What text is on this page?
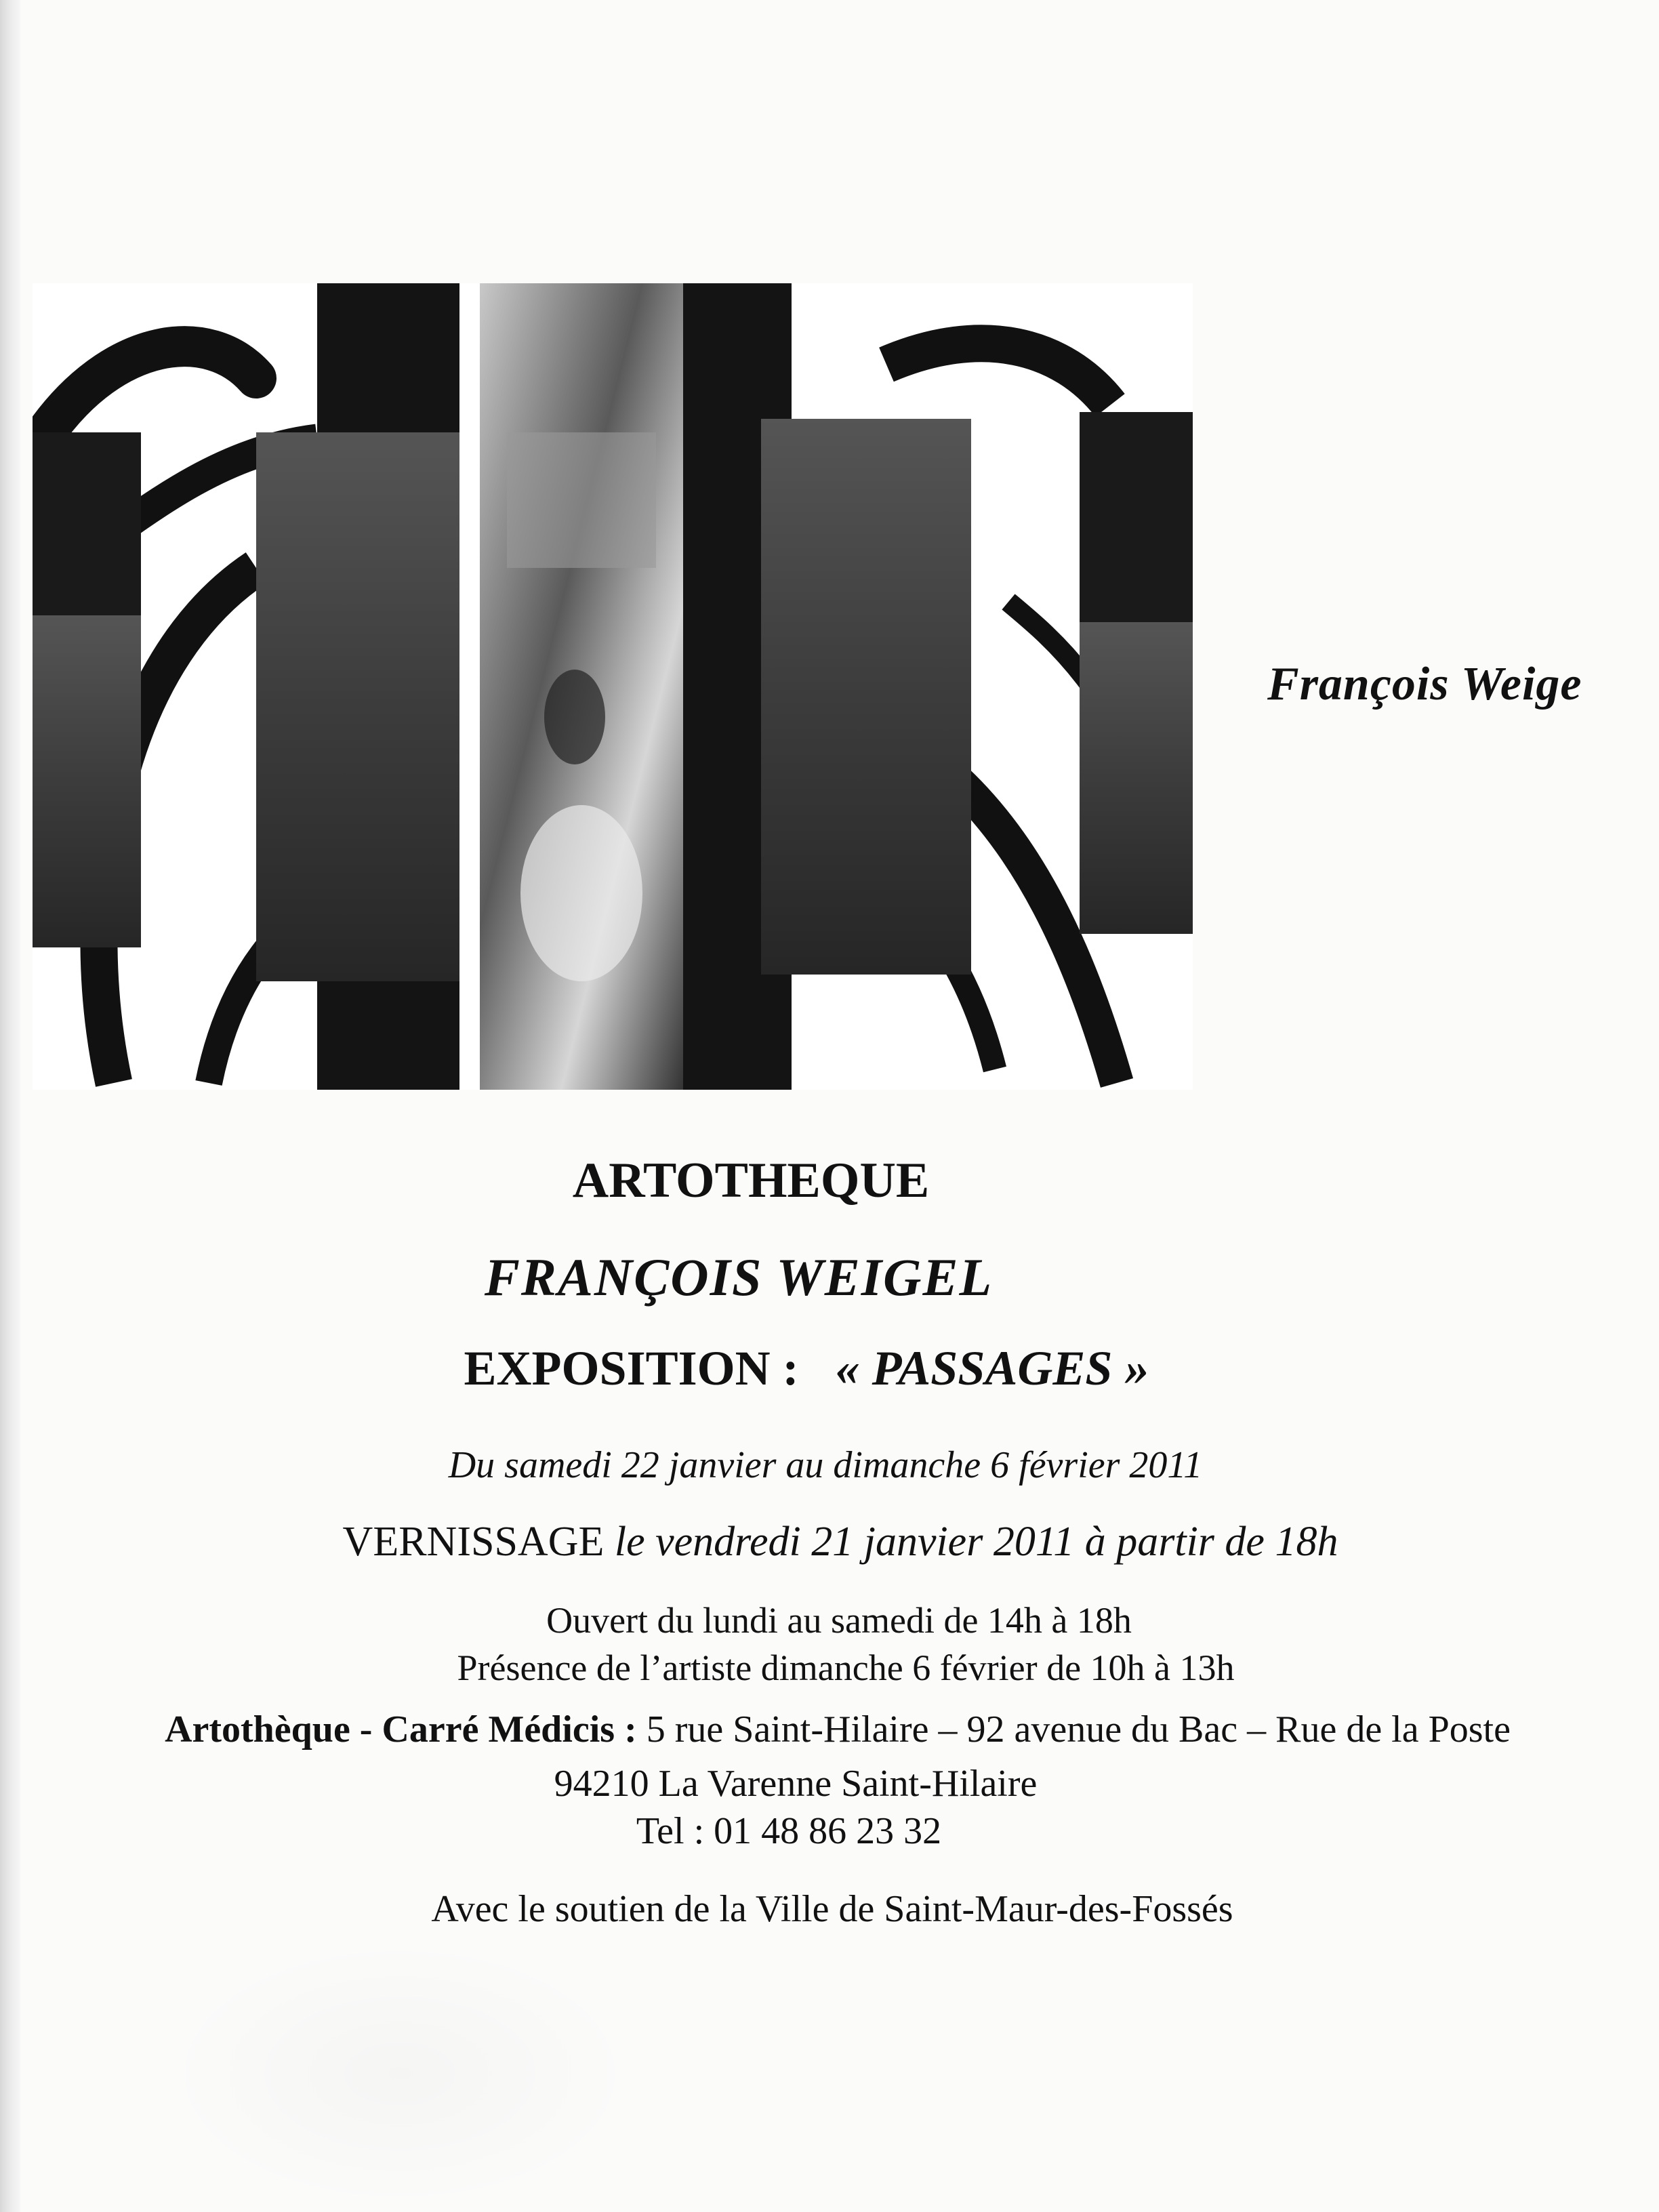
François Weige
ARTOTHEQUE
FRANÇOIS WEIGEL
EXPOSITION : « PASSAGES »
Du samedi 22 janvier au dimanche 6 février 2011
VERNISSAGE le vendredi 21 janvier 2011 à partir de 18h
Ouvert du lundi au samedi de 14h à 18h
Présence de l’artiste dimanche 6 février de 10h à 13h
Artothèque - Carré Médicis : 5 rue Saint-Hilaire – 92 avenue du Bac – Rue de la Poste
94210 La Varenne Saint-Hilaire
Tel : 01 48 86 23 32
Avec le soutien de la Ville de Saint-Maur-des-Fossés
